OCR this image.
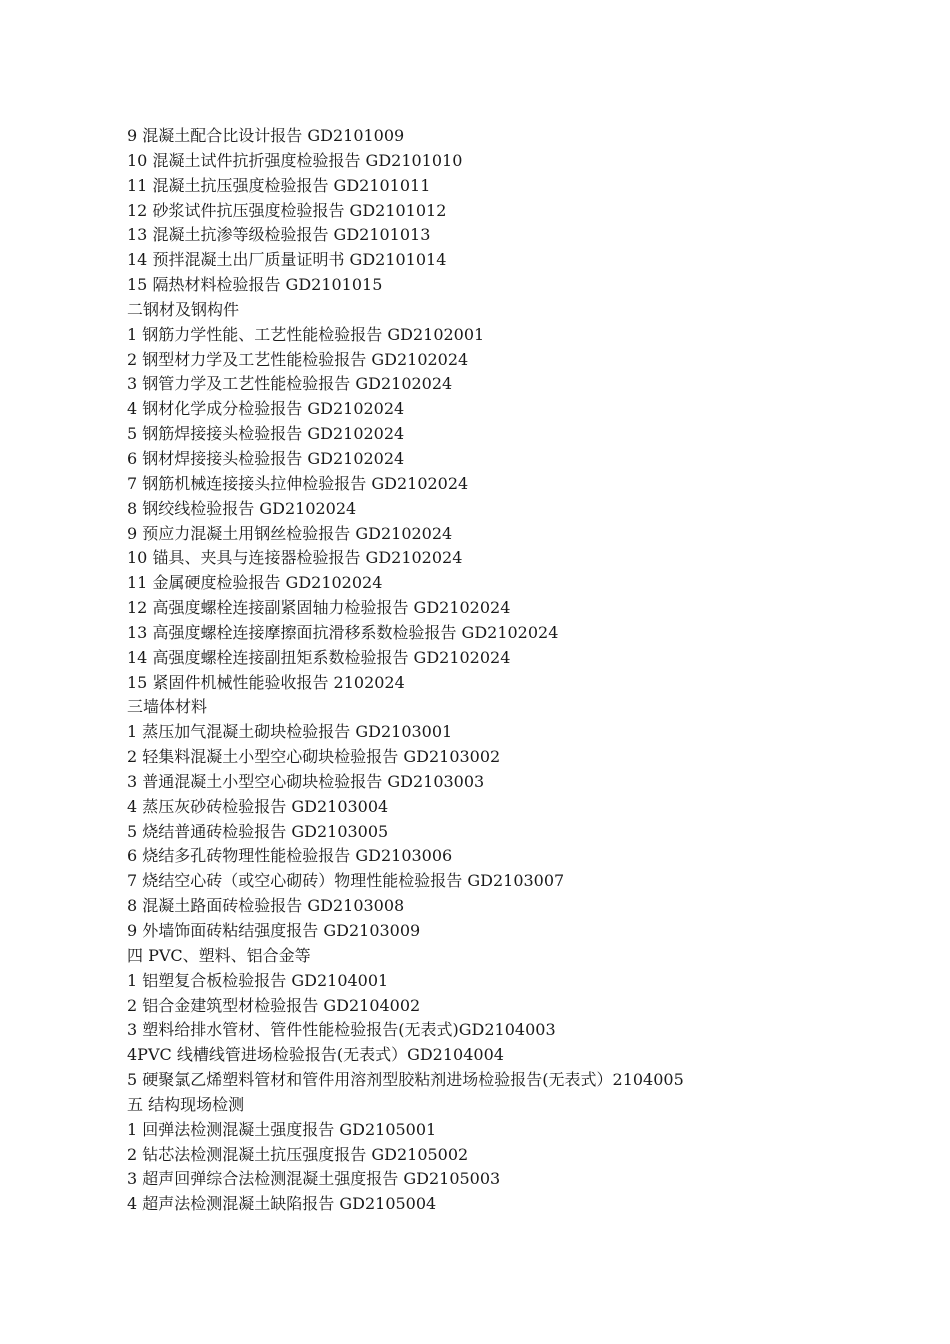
9 混凝土配合比设计报告 GD2101009
10 混凝土试件抗折强度检验报告 GD2101010
11 混凝土抗压强度检验报告 GD2101011
12 砂浆试件抗压强度检验报告 GD2101012
13 混凝土抗渗等级检验报告 GD2101013
14 预拌混凝土出厂质量证明书 GD2101014
15 隔热材料检验报告 GD2101015
二钢材及钢构件
1 钢筋力学性能、工艺性能检验报告 GD2102001
2 钢型材力学及工艺性能检验报告 GD2102024
3 钢管力学及工艺性能检验报告 GD2102024
4 钢材化学成分检验报告 GD2102024
5 钢筋焊接接头检验报告 GD2102024
6 钢材焊接接头检验报告 GD2102024
7 钢筋机械连接接头拉伸检验报告 GD2102024
8 钢绞线检验报告 GD2102024
9 预应力混凝土用钢丝检验报告 GD2102024
10 锚具、夹具与连接器检验报告 GD2102024
11 金属硬度检验报告 GD2102024
12 高强度螺栓连接副紧固轴力检验报告 GD2102024
13 高强度螺栓连接摩擦面抗滑移系数检验报告 GD2102024
14 高强度螺栓连接副扭矩系数检验报告 GD2102024
15 紧固件机械性能验收报告 2102024
三墙体材料
1 蒸压加气混凝土砌块检验报告 GD2103001
2 轻集料混凝土小型空心砌块检验报告 GD2103002
3 普通混凝土小型空心砌块检验报告 GD2103003
4 蒸压灰砂砖检验报告 GD2103004
5 烧结普通砖检验报告 GD2103005
6 烧结多孔砖物理性能检验报告 GD2103006
7 烧结空心砖（或空心砌砖）物理性能检验报告 GD2103007
8 混凝土路面砖检验报告 GD2103008
9 外墙饰面砖粘结强度报告 GD2103009
四 PVC、塑料、铝合金等
1 铝塑复合板检验报告 GD2104001
2 铝合金建筑型材检验报告 GD2104002
3 塑料给排水管材、管件性能检验报告(无表式)GD2104003
4PVC 线槽线管进场检验报告(无表式）GD2104004
5 硬聚氯乙烯塑料管材和管件用溶剂型胶粘剂进场检验报告(无表式）2104005
五 结构现场检测
1 回弹法检测混凝土强度报告 GD2105001
2 钻芯法检测混凝土抗压强度报告 GD2105002
3 超声回弹综合法检测混凝土强度报告 GD2105003
4 超声法检测混凝土缺陷报告 GD2105004
